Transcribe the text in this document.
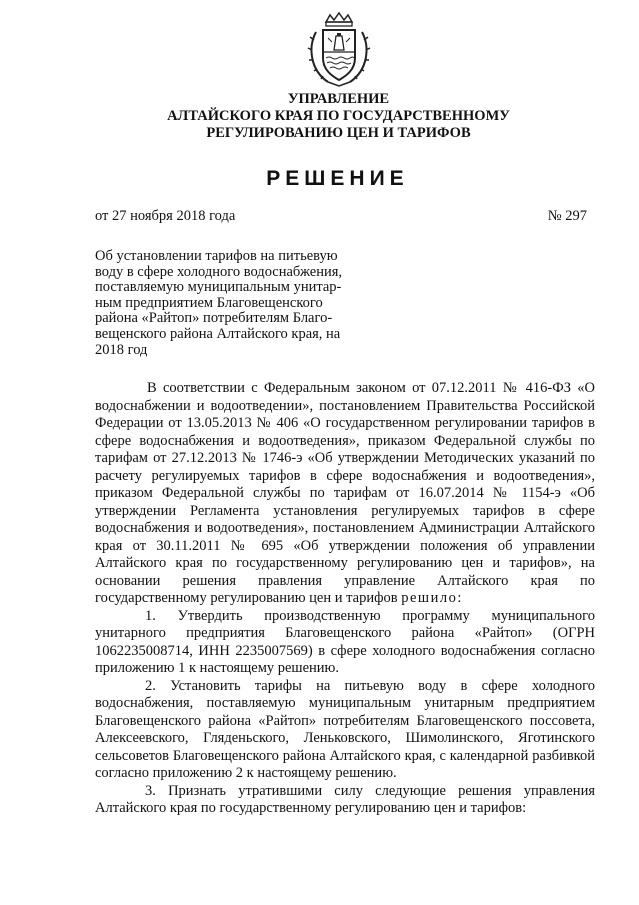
УПРАВЛЕНИЕ
АЛТАЙСКОГО КРАЯ ПО ГОСУДАРСТВЕННОМУ
РЕГУЛИРОВАНИЮ ЦЕН И ТАРИФОВ
РЕШЕНИЕ
от 27 ноября 2018 года	№ 297
Об установлении тарифов на питьевую
воду в сфере холодного водоснабжения,
поставляемую муниципальным унитар-
ным предприятием Благовещенского
района «Райтоп» потребителям Благо-
вещенского района Алтайского края, на
2018 год

В соответствии с Федеральным законом от 07.12.2011 № 416-ФЗ «О водоснабжении и водоотведении», постановлением Правительства Российской Федерации от 13.05.2013 № 406 «О государственном регулировании тарифов в сфере водоснабжения и водоотведения», приказом Федеральной службы по тарифам от 27.12.2013 № 1746-э «Об утверждении Методических указаний по расчету регулируемых тарифов в сфере водоснабжения и водоотведения», приказом Федеральной службы по тарифам от 16.07.2014 № 1154-э «Об утверждении Регламента установления регулируемых тарифов в сфере водоснабжения и водоотведения», постановлением Администрации Алтайского края от 30.11.2011 № 695 «Об утверждении положения об управлении Алтайского края по государственному регулированию цен и тарифов», на основании решения правления управление Алтайского края по государственному регулированию цен и тарифов решило:

1. Утвердить производственную программу муниципального унитарного предприятия Благовещенского района «Райтоп» (ОГРН 1062235008714, ИНН 2235007569) в сфере холодного водоснабжения согласно приложению 1 к настоящему решению.

2. Установить тарифы на питьевую воду в сфере холодного водоснабжения, поставляемую муниципальным унитарным предприятием Благовещенского района «Райтоп» потребителям Благовещенского поссовета, Алексеевского, Гляденьского, Леньковского, Шимолинского, Яготинского сельсоветов Благовещенского района Алтайского края, с календарной разбивкой согласно приложению 2 к настоящему решению.

3. Признать утратившими силу следующие решения управления Алтайского края по государственному регулированию цен и тарифов:
